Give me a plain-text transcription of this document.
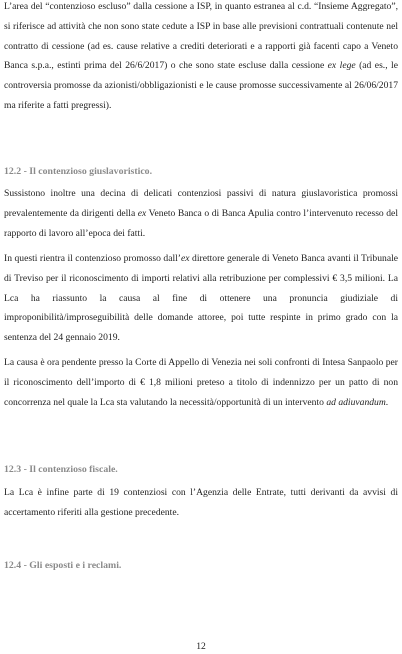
L’area del “contenzioso escluso” dalla cessione a ISP, in quanto estranea al c.d. “Insieme Aggregato”, si riferisce ad attività che non sono state cedute a ISP in base alle previsioni contrattuali contenute nel contratto di cessione (ad es. cause relative a crediti deteriorati e a rapporti già facenti capo a Veneto Banca s.p.a., estinti prima del 26/6/2017) o che sono state escluse dalla cessione ex lege (ad es., le controversia promosse da azionisti/obbligazionisti e le cause promosse successivamente al 26/06/2017 ma riferite a fatti pregressi).

12.2 - Il contenzioso giuslavoristico.

Sussistono inoltre una decina di delicati contenziosi passivi di natura giuslavoristica promossi prevalentemente da dirigenti della ex Veneto Banca o di Banca Apulia contro l’intervenuto recesso del rapporto di lavoro all’epoca dei fatti.

In questi rientra il contenzioso promosso dall’ex direttore generale di Veneto Banca avanti il Tribunale di Treviso per il riconoscimento di importi relativi alla retribuzione per complessivi € 3,5 milioni. La Lca ha riassunto la causa al fine di ottenere una pronuncia giudiziale di improponibilità/improseguibilità delle domande attoree, poi tutte respinte in primo grado con la sentenza del 24 gennaio 2019.

La causa è ora pendente presso la Corte di Appello di Venezia nei soli confronti di Intesa Sanpaolo per il riconoscimento dell’importo di € 1,8 milioni preteso a titolo di indennizzo per un patto di non concorrenza nel quale la Lca sta valutando la necessità/opportunità di un intervento ad adiuvandum.

12.3 - Il contenzioso fiscale.

La Lca è infine parte di 19 contenziosi con l’Agenzia delle Entrate, tutti derivanti da avvisi di accertamento riferiti alla gestione precedente.

12.4 - Gli esposti e i reclami.
12
